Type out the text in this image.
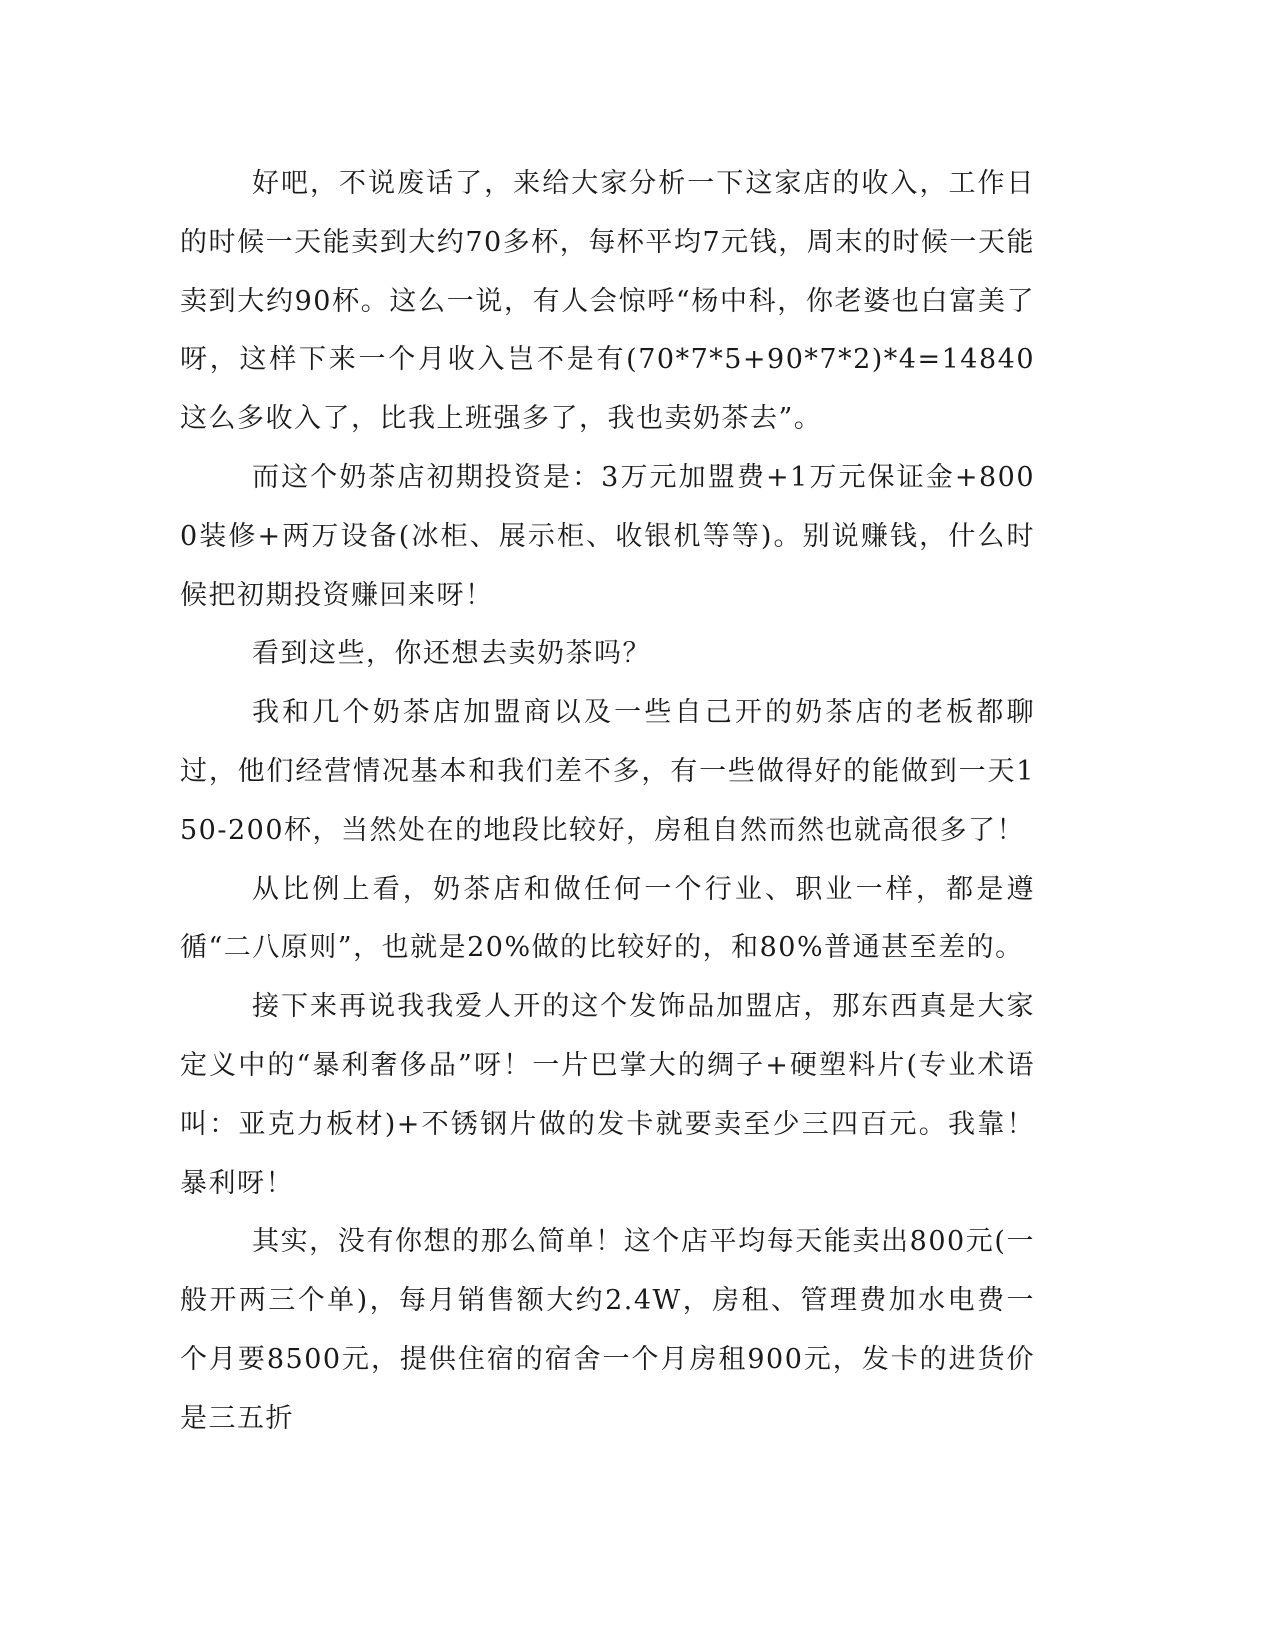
好吧，不说废话了，来给大家分析一下这家店的收入，工作日的时候一天能卖到大约70多杯，每杯平均7元钱，周末的时候一天能卖到大约90杯。这么一说，有人会惊呼“杨中科，你老婆也白富美了呀，这样下来一个月收入岂不是有(70*7*5+90*7*2)*4=14840这么多收入了，比我上班强多了，我也卖奶茶去”。

而这个奶茶店初期投资是：3万元加盟费+1万元保证金+8000装修+两万设备(冰柜、展示柜、收银机等等)。别说赚钱，什么时候把初期投资赚回来呀！

看到这些，你还想去卖奶茶吗？

我和几个奶茶店加盟商以及一些自己开的奶茶店的老板都聊过，他们经营情况基本和我们差不多，有一些做得好的能做到一天150-200杯，当然处在的地段比较好，房租自然而然也就高很多了！

从比例上看，奶茶店和做任何一个行业、职业一样，都是遵循“二八原则”，也就是20%做的比较好的，和80%普通甚至差的。

接下来再说我我爱人开的这个发饰品加盟店，那东西真是大家定义中的“暴利奢侈品”呀！一片巴掌大的绸子+硬塑料片(专业术语叫：亚克力板材)+不锈钢片做的发卡就要卖至少三四百元。我靠！暴利呀！

其实，没有你想的那么简单！这个店平均每天能卖出800元(一般开两三个单)，每月销售额大约2.4W，房租、管理费加水电费一个月要8500元，提供住宿的宿舍一个月房租900元，发卡的进货价是三五折
